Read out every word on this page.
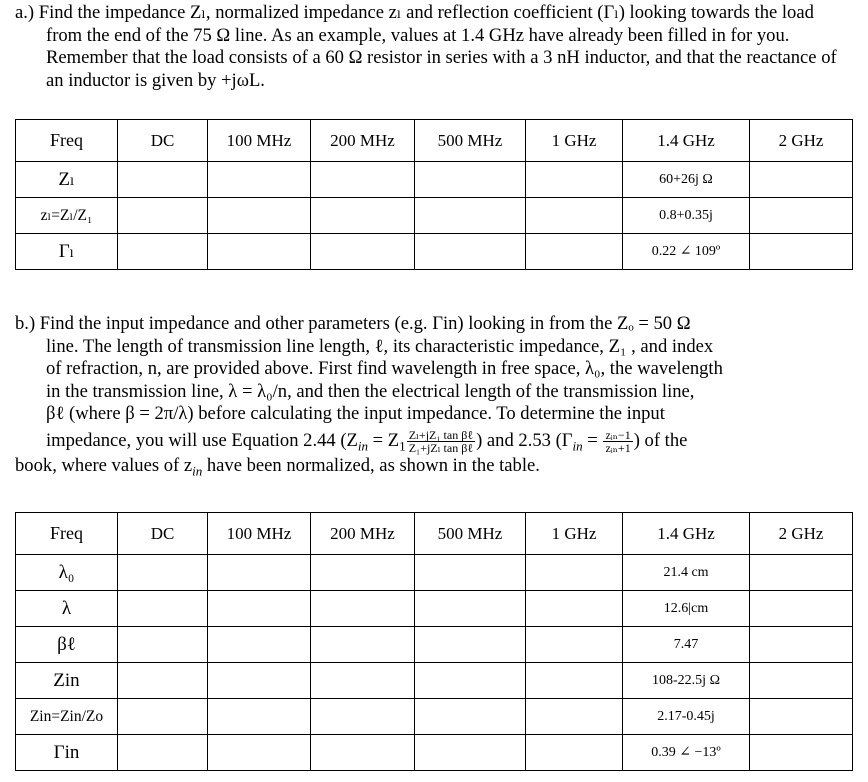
a.) Find the impedance Zₗ, normalized impedance zₗ and reflection coefficient (Γₗ) looking towards the load from the end of the 75 Ω line. As an example, values at 1.4 GHz have already been filled in for you. Remember that the load consists of a 60 Ω resistor in series with a 3 nH inductor, and that the reactance of an inductor is given by +jωL.

Freq	DC	100 MHz	200 MHz	500 MHz	1 GHz	1.4 GHz	2 GHz
Zₗ						60+26j Ω	
zₗ=Zₗ/Z₁						0.8+0.35j	
Γₗ						0.22 ∠ 109º	
b.) Find the input impedance and other parameters (e.g. Γin) looking in from the Zₒ = 50 Ω
line. The length of transmission line length, ℓ, its characteristic impedance, Z₁ , and index
of refraction, n, are provided above. First find wavelength in free space, λ₀, the wavelength
in the transmission line, λ = λ₀/n, and then the electrical length of the transmission line,
βℓ (where β = 2π/λ) before calculating the input impedance. To determine the input
impedance, you will use Equation 2.44 ($Z_{in} = Z_1 \frac{\text{Zₗ+jZ₁ tan βℓ}}{\text{Z₁+jZₗ tan βℓ}}$ ) and 2.53 ($\Gamma_{in} = \frac{\text{zᵢₙ−1}}{\text{zᵢₙ+1}}$ ) of the
book, where values of $z_{in}$ have been normalized, as shown in the table.
Freq	DC	100 MHz	200 MHz	500 MHz	1 GHz	1.4 GHz	2 GHz
λ₀						21.4 cm	
λ						12.6|cm	
βℓ						7.47	
Zin						108-22.5j Ω	
Zin=Zin/Zo						2.17-0.45j	
Γin						0.39 ∠ −13º	
